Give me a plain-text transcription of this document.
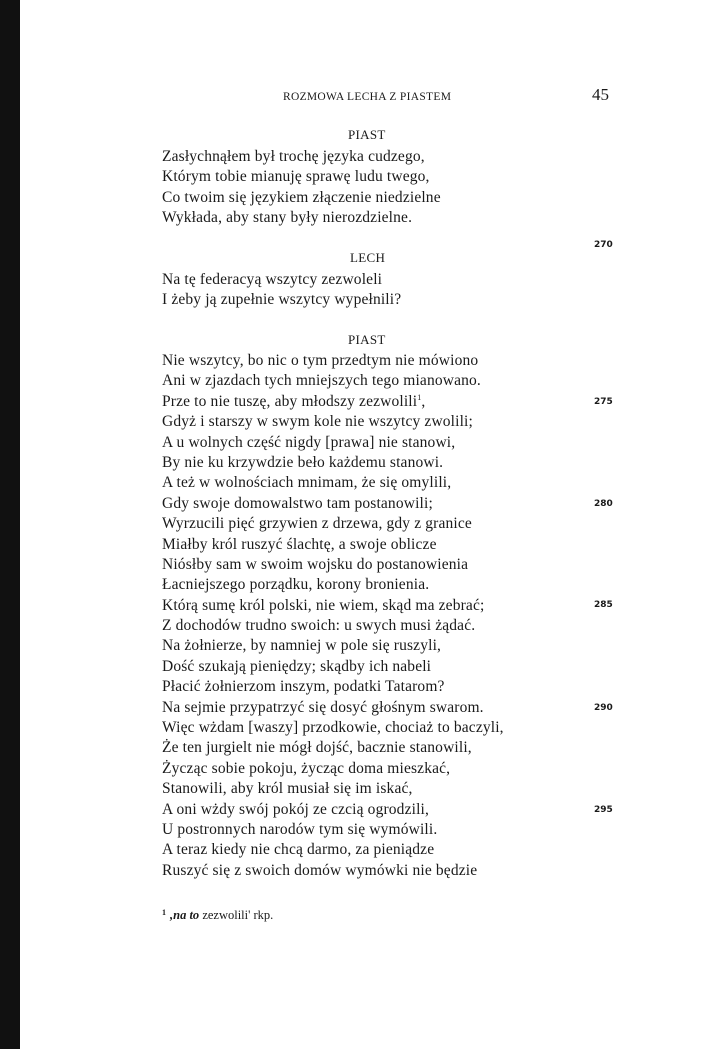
ROZMOWA LECHA Z PIASTEM	45
PIAST
Zasłychnąłem był trochę języka cudzego,
Którym tobie mianuję sprawę ludu twego,
Co twoim się językiem złączenie niedzielne
Wykłada, aby stany były nierozdzielne.
LECH
Na tę federacyą wszytcy zezwoleli
I żeby ją zupełnie wszytcy wypełnili?
PIAST
Nie wszytcy, bo nic o tym przedtym nie mówiono
Ani w zjazdach tych mniejszych tego mianowano.
Prze to nie tuszę, aby młodszy zezwolili$^1$,
Gdyż i starszy w swym kole nie wszytcy zwolili;
A u wolnych część nigdy [prawa] nie stanowi,
By nie ku krzywdzie beło każdemu stanowi.
A też w wolnościach mnimam, że się omylili,
Gdy swoje domowalstwo tam postanowili;
Wyrzucili pięć grzywien z drzewa, gdy z granice
Miałby król ruszyć ślachtę, a swoje oblicze
Niósłby sam w swoim wojsku do postanowienia
Łacniejszego porządku, korony bronienia.
Którą sumę król polski, nie wiem, skąd ma zebrać;
Z dochodów trudno swoich: u swych musi żądać.
Na żołnierze, by namniej w pole się ruszyli,
Dość szukają pieniędzy; skądby ich nabeli
Płacić żołnierzom inszym, podatki Tatarom?
Na sejmie przypatrzyć się dosyć głośnym swarom.
Więc wżdam [waszy] przodkowie, chociaż to baczyli,
Że ten jurgielt nie mógł dojść, bacznie stanowili,
Życząc sobie pokoju, życząc doma mieszkać,
Stanowili, aby król musiał się im iskać,
A oni wżdy swój pokój ze czcią ogrodzili,
U postronnych narodów tym się wymówili.
A teraz kiedy nie chcą darmo, za pieniądze
Ruszyć się z swoich domów wymówki nie będzie
270
275
280
285
290
295
$^1$ ,na to zezwolili' rkp.
